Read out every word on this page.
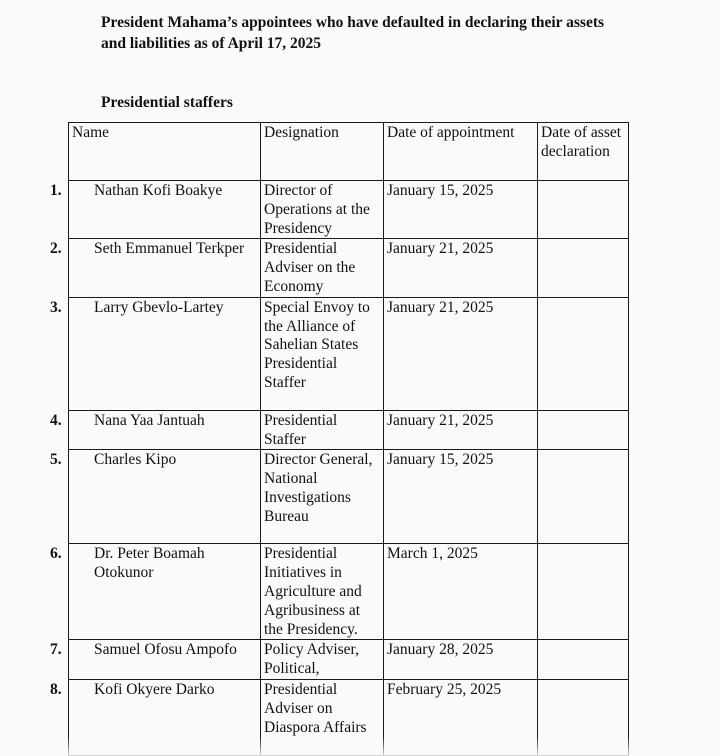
President Mahama’s appointees who have defaulted in declaring their assets and liabilities as of April 17, 2025
Presidential staffers
Name	Designation	Date of appointment	Date of asset declaration

1. Nathan Kofi Boakye	Director of Operations at the Presidency	January 15, 2025	

2. Seth Emmanuel Terkper	Presidential Adviser on the Economy	January 21, 2025	

3. Larry Gbevlo-Lartey	Special Envoy to the Alliance of Sahelian States Presidential Staffer	January 21, 2025	

4. Nana Yaa Jantuah	Presidential Staffer	January 21, 2025	

5. Charles Kipo	Director General, National Investigations Bureau	January 15, 2025	

6. Dr. Peter Boamah Otokunor	Presidential Initiatives in Agriculture and Agribusiness at the Presidency.	March 1, 2025	

7. Samuel Ofosu Ampofo	Policy Adviser, Political,	January 28, 2025	

8. Kofi Okyere Darko	Presidential Adviser on Diaspora Affairs	February 25, 2025	
